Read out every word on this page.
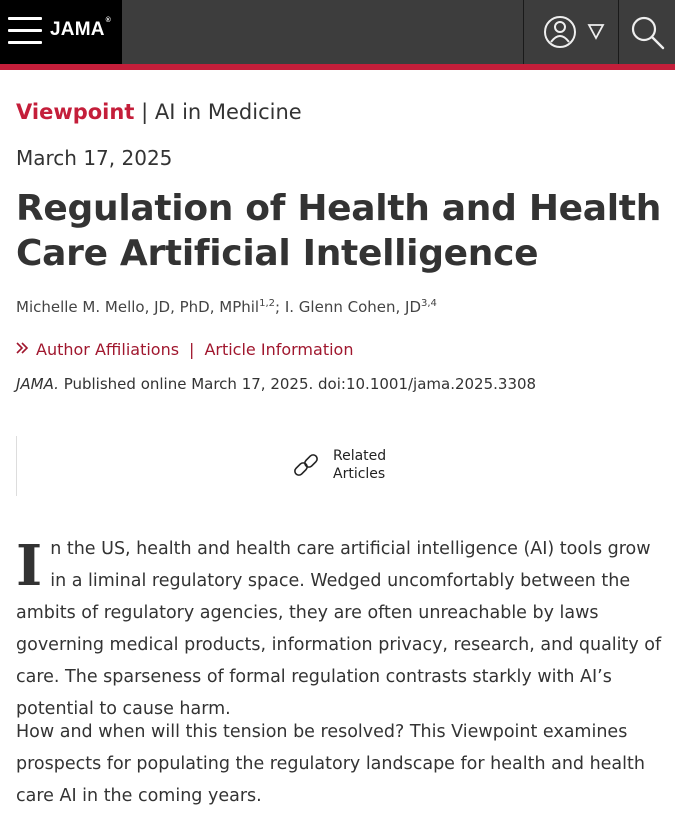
JAMA®
Viewpoint | AI in Medicine
March 17, 2025
Regulation of Health and Health Care Artificial Intelligence
Michelle M. Mello, JD, PhD, MPhil$^{1,2}$; I. Glenn Cohen, JD$^{3,4}$
Author Affiliations | Article Information
JAMA. Published online March 17, 2025. doi:10.1001/jama.2025.3308
Related
Articles

In the US, health and health care artificial intelligence (AI) tools grow in a liminal regulatory space. Wedged uncomfortably between the ambits of regulatory agencies, they are often unreachable by laws governing medical products, information privacy, research, and quality of care. The sparseness of formal regulation contrasts starkly with AI’s potential to cause harm.

How and when will this tension be resolved? This Viewpoint examines prospects for populating the regulatory landscape for health and health care AI in the coming years.
